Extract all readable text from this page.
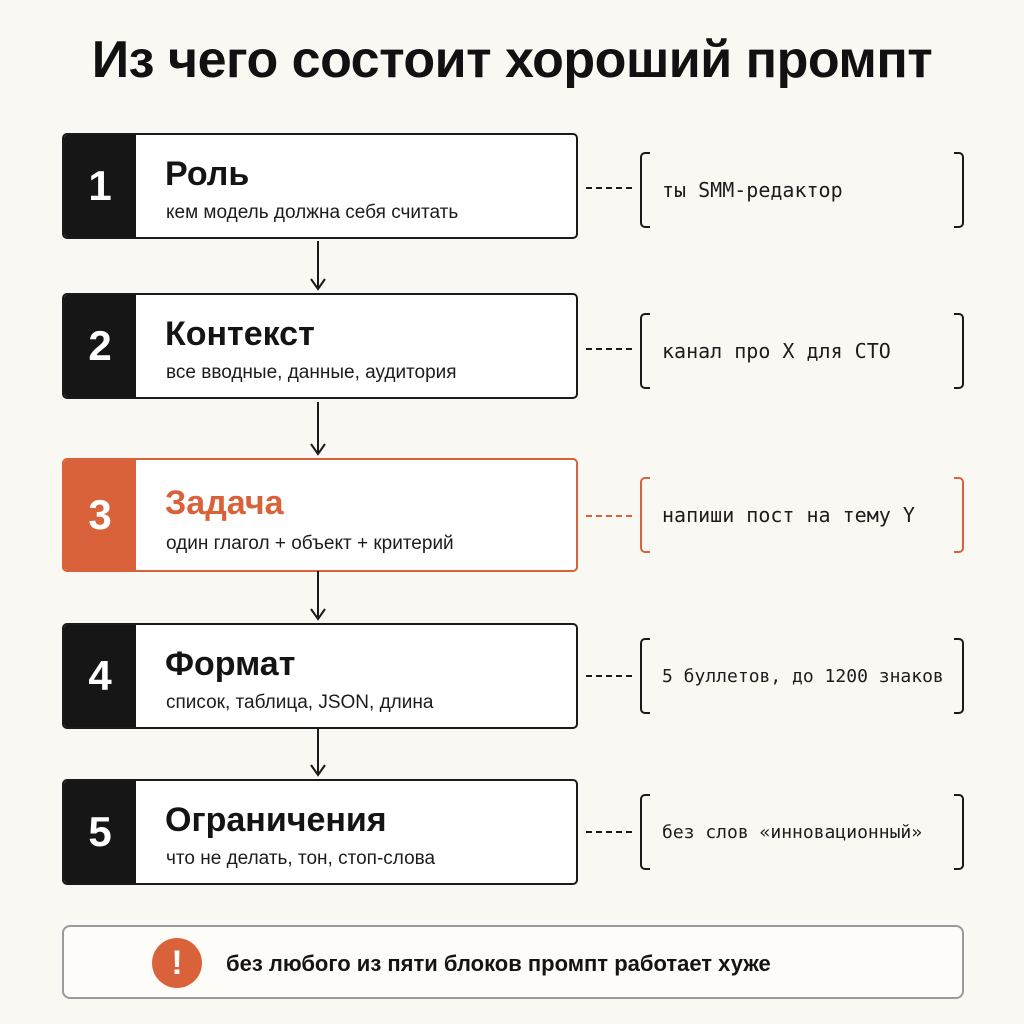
Из чего состоит хороший промпт
1	Роль
кем модель должна себя считать
ты SMM-редактор
2	Контекст
все вводные, данные, аудитория
канал про X для CTO
3	Задача
один глагол + объект + критерий
напиши пост на тему Y
4	Формат
список, таблица, JSON, длина
5 буллетов, до 1200 знаков
5	Ограничения
что не делать, тон, стоп-слова
без слов «инновационный»
!	без любого из пяти блоков промпт работает хуже
